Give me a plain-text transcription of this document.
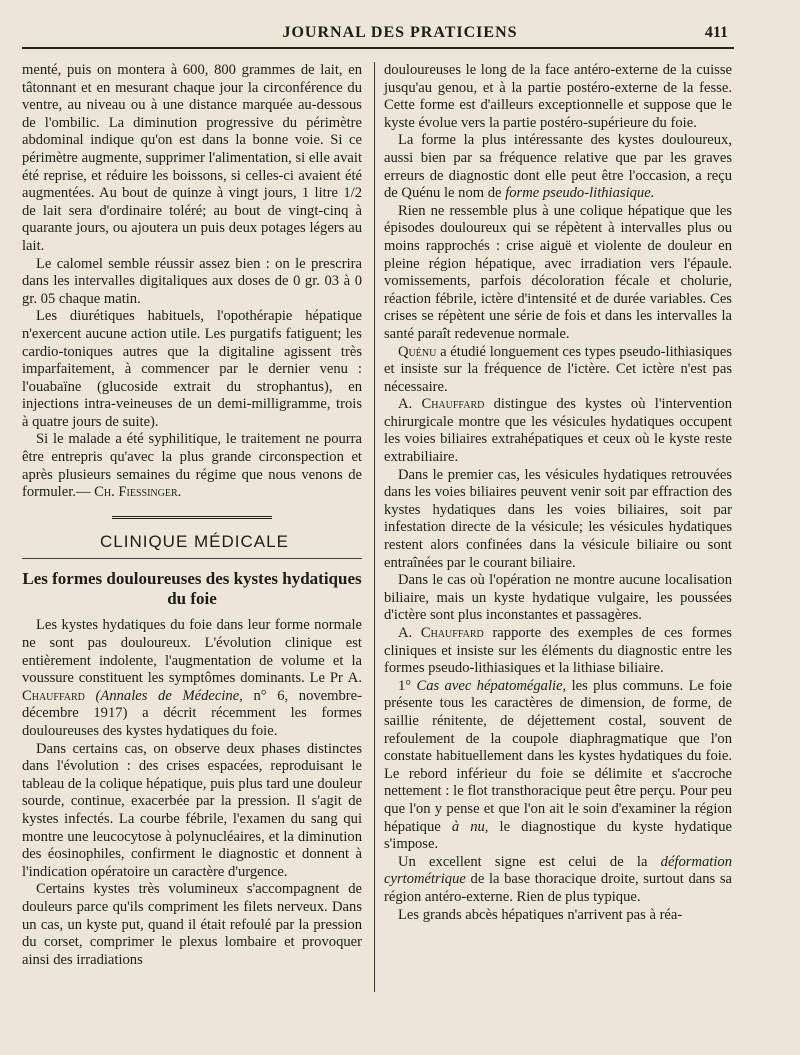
JOURNAL DES PRATICIENS	411

menté, puis on montera à 600, 800 grammes de lait, en tâtonnant et en mesurant chaque jour la circonférence du ventre, au niveau ou à une distance marquée au-dessous de l'ombilic. La diminution progressive du périmètre abdominal indique qu'on est dans la bonne voie. Si ce périmètre augmente, supprimer l'alimentation, si elle avait été reprise, et réduire les boissons, si celles-ci avaient été augmentées. Au bout de quinze à vingt jours, 1 litre 1/2 de lait sera d'ordinaire toléré; au bout de vingt-cinq à quarante jours, ou ajoutera un puis deux potages légers au lait.

Le calomel semble réussir assez bien : on le prescrira dans les intervalles digitaliques aux doses de 0 gr. 03 à 0 gr. 05 chaque matin.

Les diurétiques habituels, l'opothérapie hépatique n'exercent aucune action utile. Les purgatifs fatiguent; les cardio-toniques autres que la digitaline agissent très imparfaitement, à commencer par le dernier venu : l'ouabaïne (glucoside extrait du strophantus), en injections intra-veineuses de un demi-milligramme, trois à quatre jours de suite).

Si le malade a été syphilitique, le traitement ne pourra être entrepris qu'avec la plus grande circonspection et après plusieurs semaines du régime que nous venons de formuler.— Ch. Fiessinger.

CLINIQUE MÉDICALE
Les formes douloureuses des kystes hydatiques du foie

Les kystes hydatiques du foie dans leur forme normale ne sont pas douloureux. L'évolution clinique est entièrement indolente, l'augmentation de volume et la voussure constituent les symptômes dominants. Le Pr A. Chauffard (Annales de Médecine, n° 6, novembre-décembre 1917) a décrit récemment les formes douloureuses des kystes hydatiques du foie.

Dans certains cas, on observe deux phases distinctes dans l'évolution : des crises espacées, reproduisant le tableau de la colique hépatique, puis plus tard une douleur sourde, continue, exacerbée par la pression. Il s'agit de kystes infectés. La courbe fébrile, l'examen du sang qui montre une leucocytose à polynucléaires, et la diminution des éosinophiles, confirment le diagnostic et donnent à l'indication opératoire un caractère d'urgence.

Certains kystes très volumineux s'accompagnent de douleurs parce qu'ils compriment les filets nerveux. Dans un cas, un kyste put, quand il était refoulé par la pression du corset, comprimer le plexus lombaire et provoquer ainsi des irradiations

douloureuses le long de la face antéro-externe de la cuisse jusqu'au genou, et à la partie postéro-externe de la fesse. Cette forme est d'ailleurs exceptionnelle et suppose que le kyste évolue vers la partie postéro-supérieure du foie.

La forme la plus intéressante des kystes douloureux, aussi bien par sa fréquence relative que par les graves erreurs de diagnostic dont elle peut être l'occasion, a reçu de Quénu le nom de forme pseudo-lithiasique.

Rien ne ressemble plus à une colique hépatique que les épisodes douloureux qui se répètent à intervalles plus ou moins rapprochés : crise aiguë et violente de douleur en pleine région hépatique, avec irradiation vers l'épaule. vomissements, parfois décoloration fécale et cholurie, réaction fébrile, ictère d'intensité et de durée variables. Ces crises se répètent une série de fois et dans les intervalles la santé paraît redevenue normale.

Quénu a étudié longuement ces types pseudo-lithiasiques et insiste sur la fréquence de l'ictère. Cet ictère n'est pas nécessaire.

A. Chauffard distingue des kystes où l'intervention chirurgicale montre que les vésicules hydatiques occupent les voies biliaires extrahépatiques et ceux où le kyste reste extrabiliaire.

Dans le premier cas, les vésicules hydatiques retrouvées dans les voies biliaires peuvent venir soit par effraction des kystes hydatiques dans les voies biliaires, soit par infestation directe de la vésicule; les vésicules hydatiques restent alors confinées dans la vésicule biliaire ou sont entraînées par le courant biliaire.

Dans le cas où l'opération ne montre aucune localisation biliaire, mais un kyste hydatique vulgaire, les poussées d'ictère sont plus inconstantes et passagères.

A. Chauffard rapporte des exemples de ces formes cliniques et insiste sur les éléments du diagnostic entre les formes pseudo-lithiasiques et la lithiase biliaire.

1° Cas avec hépatomégalie, les plus communs. Le foie présente tous les caractères de dimension, de forme, de saillie rénitente, de déjettement costal, souvent de refoulement de la coupole diaphragmatique que l'on constate habituellement dans les kystes hydatiques du foie. Le rebord inférieur du foie se délimite et s'accroche nettement : le flot transthoracique peut être perçu. Pour peu que l'on y pense et que l'on ait le soin d'examiner la région hépatique à nu, le diagnostique du kyste hydatique s'impose.

Un excellent signe est celui de la déformation cyrtométrique de la base thoracique droite, surtout dans sa région antéro-externe. Rien de plus typique.

Les grands abcès hépatiques n'arrivent pas à réa-
